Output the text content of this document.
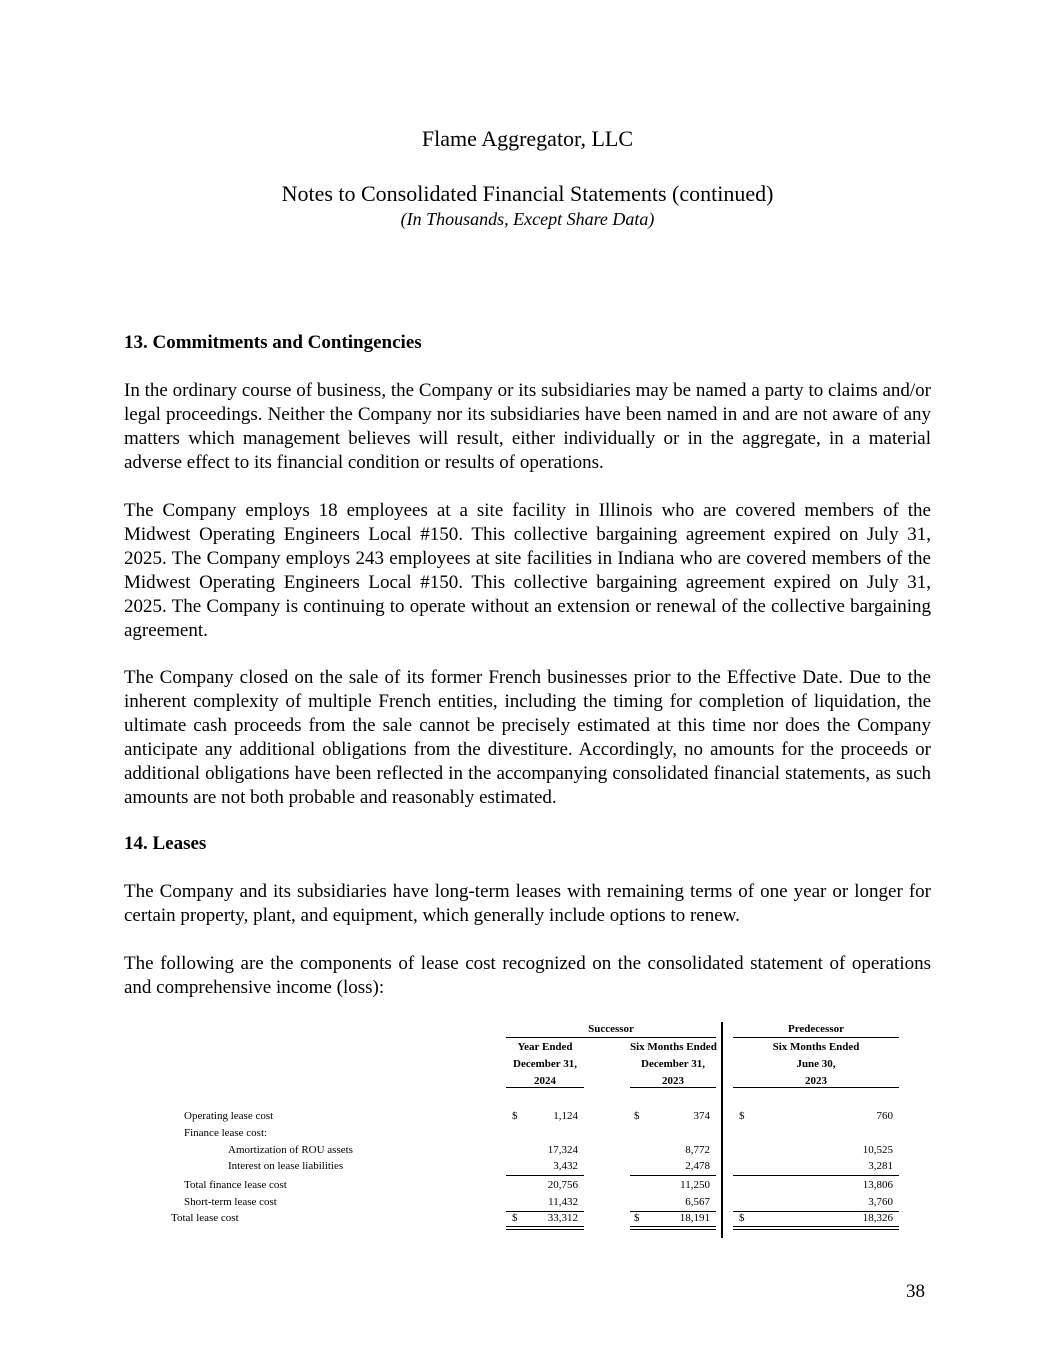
Flame Aggregator, LLC
Notes to Consolidated Financial Statements (continued)
(In Thousands, Except Share Data)
13. Commitments and Contingencies

In the ordinary course of business, the Company or its subsidiaries may be named a party to claims and/or legal proceedings. Neither the Company nor its subsidiaries have been named in and are not aware of any matters which management believes will result, either individually or in the aggregate, in a material adverse effect to its financial condition or results of operations.

The Company employs 18 employees at a site facility in Illinois who are covered members of the Midwest Operating Engineers Local #150. This collective bargaining agreement expired on July 31, 2025. The Company employs 243 employees at site facilities in Indiana who are covered members of the Midwest Operating Engineers Local #150. This collective bargaining agreement expired on July 31, 2025. The Company is continuing to operate without an extension or renewal of the collective bargaining agreement.

The Company closed on the sale of its former French businesses prior to the Effective Date. Due to the inherent complexity of multiple French entities, including the timing for completion of liquidation, the ultimate cash proceeds from the sale cannot be precisely estimated at this time nor does the Company anticipate any additional obligations from the divestiture. Accordingly, no amounts for the proceeds or additional obligations have been reflected in the accompanying consolidated financial statements, as such amounts are not both probable and reasonably estimated.

14. Leases

The Company and its subsidiaries have long-term leases with remaining terms of one year or longer for certain property, plant, and equipment, which generally include options to renew.

The following are the components of lease cost recognized on the consolidated statement of operations and comprehensive income (loss):

Successor	Predecessor
Year Ended
December 31,
2024
Six Months Ended
December 31,
2023
Six Months Ended
June 30,
2023
Operating lease cost	$	1,124	$	374	$	760
Finance lease cost:
Amortization of ROU assets	17,324	8,772	10,525
Interest on lease liabilities	3,432	2,478	3,281
Total finance lease cost	20,756	11,250	13,806
Short-term lease cost	11,432	6,567	3,760
Total lease cost	$	33,312	$	18,191	$	18,326
38
